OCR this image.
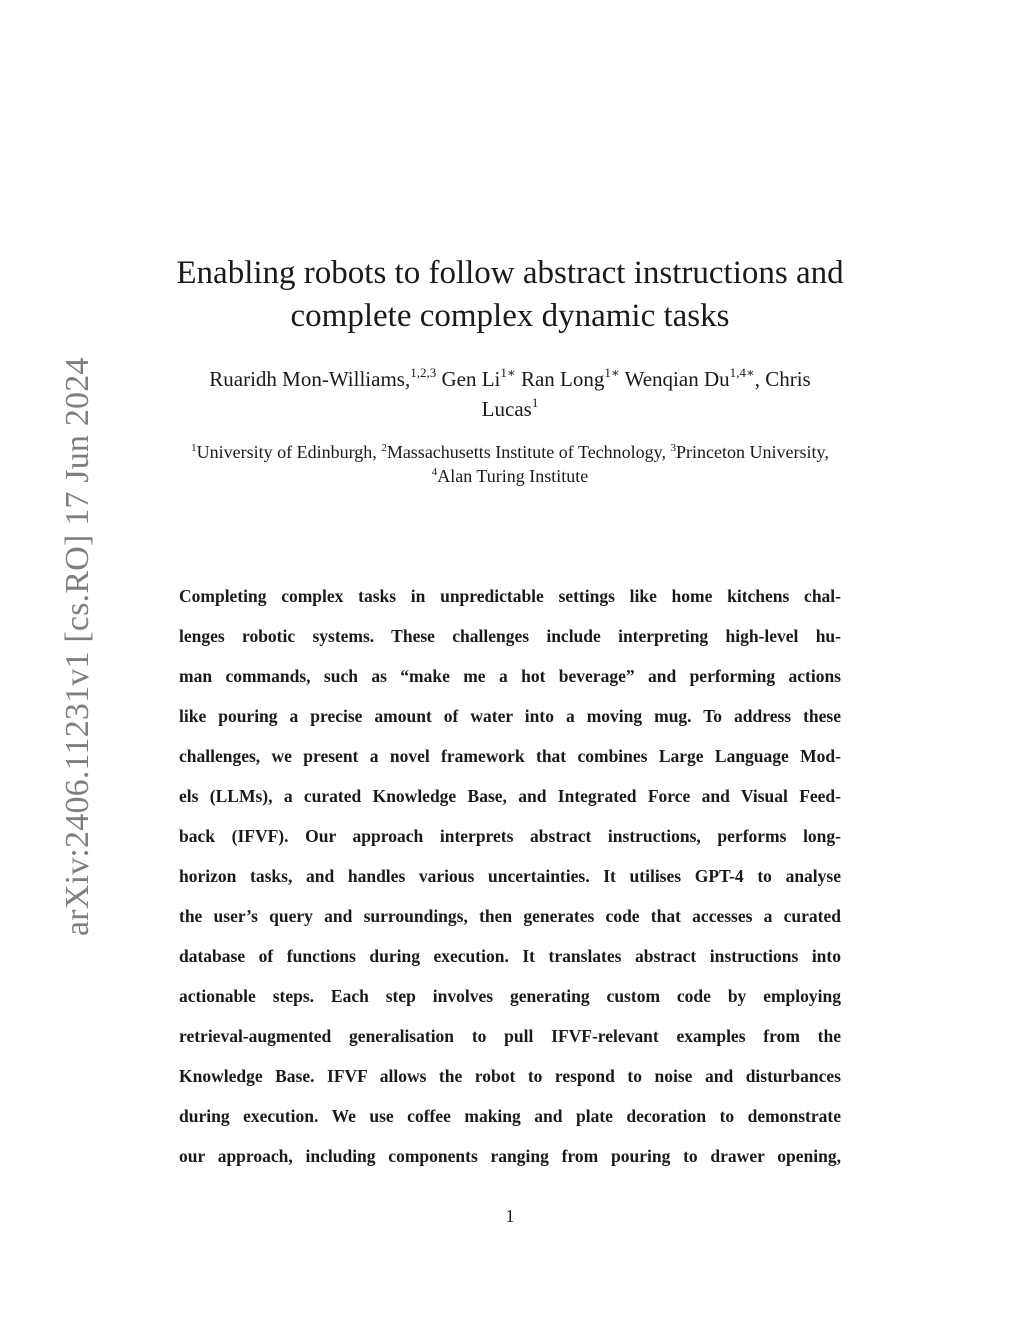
arXiv:2406.11231v1 [cs.RO] 17 Jun 2024
Enabling robots to follow abstract instructions and
complete complex dynamic tasks
Ruaridh Mon-Williams,$^{1,2,3}$ Gen $Li^{1∗}$ Ran Long$^{1∗}$ Wenqian $Du^{1,4∗}$, Chris
Lucas$^1$
$^1$University of Edinburgh, $^2$Massachusetts Institute of Technology, $^3$Princeton University,
$^4$Alan Turing Institute
Completing complex tasks in unpredictable settings like home kitchens chal-
lenges robotic systems. These challenges include interpreting high-level hu-
man commands, such as “make me a hot beverage” and performing actions
like pouring a precise amount of water into a moving mug. To address these
challenges, we present a novel framework that combines Large Language Mod-
els (LLMs), a curated Knowledge Base, and Integrated Force and Visual Feed-
back (IFVF). Our approach interprets abstract instructions, performs long-
horizon tasks, and handles various uncertainties. It utilises GPT-4 to analyse
the user’s query and surroundings, then generates code that accesses a curated
database of functions during execution. It translates abstract instructions into
actionable steps. Each step involves generating custom code by employing
retrieval-augmented generalisation to pull IFVF-relevant examples from the
Knowledge Base. IFVF allows the robot to respond to noise and disturbances
during execution. We use coffee making and plate decoration to demonstrate
our approach, including components ranging from pouring to drawer opening,
1
